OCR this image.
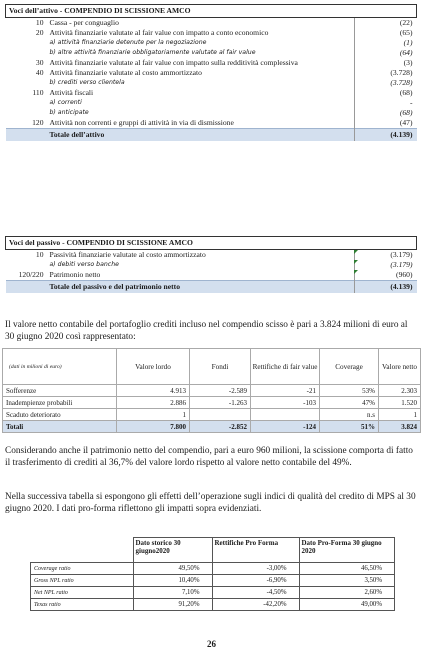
Voci dell’attivo - COMPENDIO DI SCISSIONE AMCO		
10	Cassa - per conguaglio	(22)
20	Attività finanziarie valutate al fair value con impatto a conto economico	(65)
	a) attività finanziarie detenute per la negoziazione	(1)
	b) altre attività finanziarie obbligatoriamente valutate al fair value	(64)
30	Attività finanziarie valutate al fair value con impatto sulla redditività complessiva	(3)
40	Attività finanziarie valutate al costo ammortizzato	(3.728)
	b) crediti verso clientela	(3.728)
110	Attività fiscali	(68)
	a) correnti	-
	b) anticipate	(68)
120	Attività non correnti e gruppi di attività in via di dismissione	(47)
	Totale dell’attivo	(4.139)
Voci del passivo - COMPENDIO DI SCISSIONE AMCO		
10	Passività finanziarie valutate al costo ammortizzato	(3.179)
	a) debiti verso banche	(3.179)
120/220	Patrimonio netto	(960)
	Totale del passivo e del patrimonio netto	(4.139)
Il valore netto contabile del portafoglio crediti incluso nel compendio scisso è pari a 3.824 milioni di euro al 30 giugno 2020 così rappresentato:
(dati in milioni di euro)	Valore lordo	Fondi	Rettifiche di fair value	Coverage	Valore netto
Sofferenze	4.913	-2.589	-21	53%	2.303
Inadempienze probabili	2.886	-1.263	-103	47%	1.520
Scaduto deteriorato	1			n.s	1
Totali	7.800	-2.852	-124	51%	3.824
Considerando anche il patrimonio netto del compendio, pari a euro 960 milioni, la scissione comporta di fatto il trasferimento di crediti al 36,7% del valore lordo rispetto al valore netto contabile del 49%.
Nella successiva tabella si espongono gli effetti dell’operazione sugli indici di qualità del credito di MPS al 30 giugno 2020. I dati pro-forma riflettono gli impatti sopra evidenziati.
	Dato storico 30 giugno2020	Rettifiche Pro Forma	Dato Pro-Forma 30 giugno 2020
Coverage ratio	49,50%	-3,00%	46,50%
Gross NPL ratio	10,40%	-6,90%	3,50%
Net NPL ratio	7,10%	-4,50%	2,60%
Texas ratio	91,20%	-42,20%	49,00%
26
